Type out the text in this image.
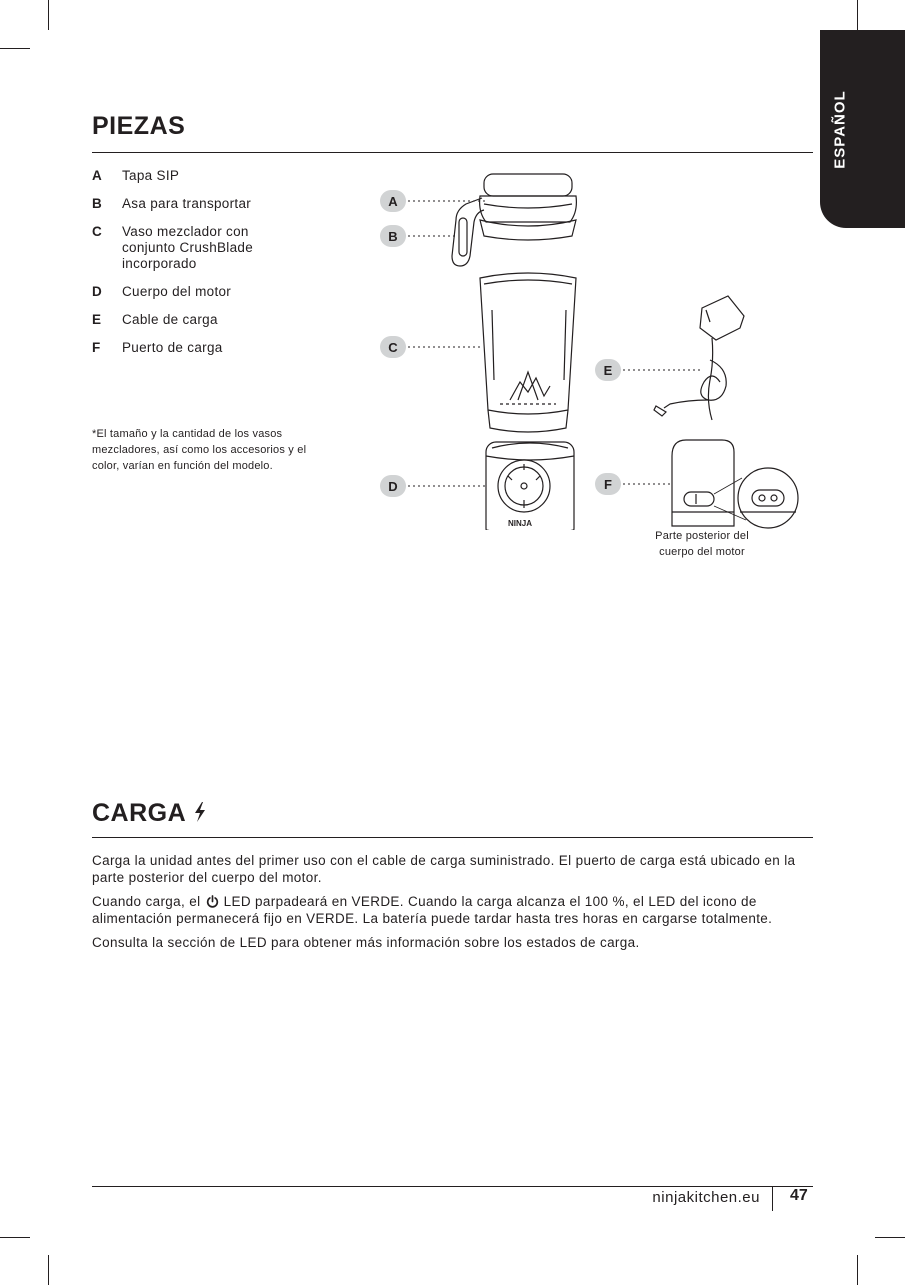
ESPAÑOL
PIEZAS
A	Tapa SIP
B	Asa para transportar
C	Vaso mezclador con conjunto CrushBlade incorporado
D	Cuerpo del motor
E	Cable de carga
F	Puerto de carga
*El tamaño y la cantidad de los vasos mezcladores, así como los accesorios y el color, varían en función del modelo.
NINJA
A
B
C
D
E
F
Parte posterior del cuerpo del motor
CARGA

Carga la unidad antes del primer uso con el cable de carga suministrado. El puerto de carga está ubicado en la parte posterior del cuerpo del motor.

Cuando carga, el LED parpadeará en VERDE. Cuando la carga alcanza el 100 %, el LED del icono de alimentación permanecerá fijo en VERDE. La batería puede tardar hasta tres horas en cargarse totalmente.

Consulta la sección de LED para obtener más información sobre los estados de carga.

ninjakitchen.eu 47
